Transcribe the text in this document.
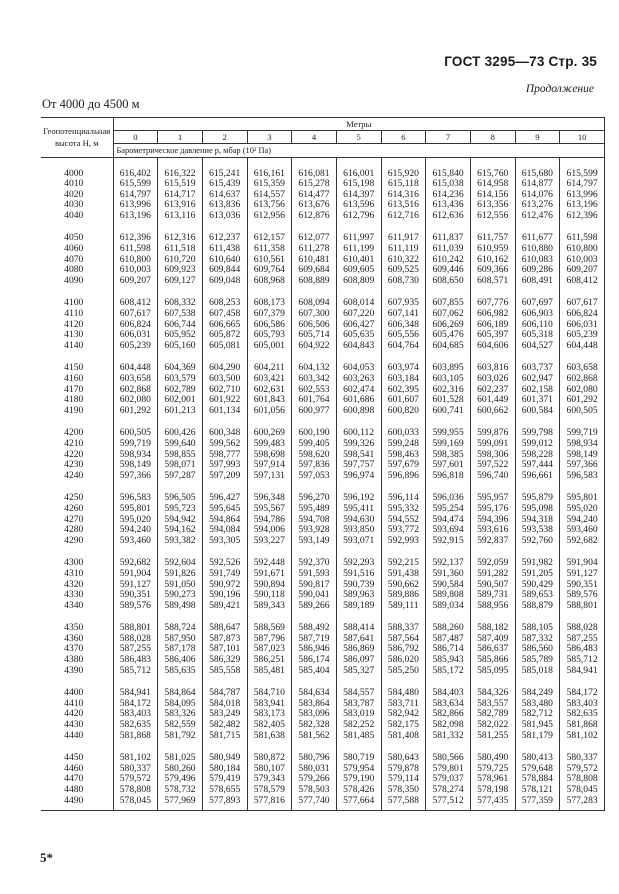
ГОСТ 3295—73 Стр. 35
Продолжение
От 4000 до 4500 м
Геопотенциальная высота H, м	Метры										
	0	1	2	3	4	5	6	7	8	9	10
	Барометрическое давление p, мбар (10² Па)										
4000	616,402	616,322	615,241	616,161	616,081	616,001	615,920	615,840	615,760	615,680	615,599
4010	615,599	615,519	615,439	615,359	615,278	615,198	615,118	615,038	614,958	614,877	614,797
4020	614,797	614,717	614,637	614,557	614,477	614,397	614,316	614,236	614,156	614,076	613,996
4030	613,996	613,916	613,836	613,756	613,676	613,596	613,516	613,436	613,356	613,276	613,196
4040	613,196	613,116	613,036	612,956	612,876	612,796	612,716	612,636	612,556	612,476	612,396

4050	612,396	612,316	612,237	612,157	612,077	611,997	611,917	611,837	611,757	611,677	611,598
4060	611,598	611,518	611,438	611,358	611,278	611,199	611,119	611,039	610,959	610,880	610,800
4070	610,800	610,720	610,640	610,561	610,481	610,401	610,322	610,242	610,162	610,083	610,003
4080	610,003	609,923	609,844	609,764	609,684	609,605	609,525	609,446	609,366	609,286	609,207
4090	609,207	609,127	609,048	608,968	608,889	608,809	608,730	608,650	608,571	608,491	608,412

4100	608,412	608,332	608,253	608,173	608,094	608,014	607,935	607,855	607,776	607,697	607,617
4110	607,617	607,538	607,458	607,379	607,300	607,220	607,141	607,062	606,982	606,903	606,824
4120	606,824	606,744	606,665	606,586	606,506	606,427	606,348	606,269	606,189	606,110	606,031
4130	606,031	605,952	605,872	605,793	605,714	605,635	605,556	605,476	605,397	605,318	605,239
4140	605,239	605,160	605,081	605,001	604,922	604,843	604,764	604,685	604,606	604,527	604,448

4150	604,448	604,369	604,290	604,211	604,132	604,053	603,974	603,895	603,816	603,737	603,658
4160	603,658	603,579	603,500	603,421	603,342	603,263	603,184	603,105	603,026	602,947	602,868
4170	602,868	602,789	602,710	602,631	602,553	602,474	602,395	602,316	602,237	602,158	602,080
4180	602,080	602,001	601,922	601,843	601,764	601,686	601,607	601,528	601,449	601,371	601,292
4190	601,292	601,213	601,134	601,056	600,977	600,898	600,820	600,741	600,662	600,584	600,505

4200	600,505	600,426	600,348	600,269	600,190	600,112	600,033	599,955	599,876	599,798	599,719
4210	599,719	599,640	599,562	599,483	599,405	599,326	599,248	599,169	599,091	599,012	598,934
4220	598,934	598,855	598,777	598,698	598,620	598,541	598,463	598,385	598,306	598,228	598,149
4230	598,149	598,071	597,993	597,914	597,836	597,757	597,679	597,601	597,522	597,444	597,366
4240	597,366	597,287	597,209	597,131	597,053	596,974	596,896	596,818	596,740	596,661	596,583

4250	596,583	596,505	596,427	596,348	596,270	596,192	596,114	596,036	595,957	595,879	595,801
4260	595,801	595,723	595,645	595,567	595,489	595,411	595,332	595,254	595,176	595,098	595,020
4270	595,020	594,942	594,864	594,786	594,708	594,630	594,552	594,474	594,396	594,318	594,240
4280	594,240	594,162	594,084	594,006	593,928	593,850	593,772	593,694	593,616	593,538	593,460
4290	593,460	593,382	593,305	593,227	593,149	593,071	592,993	592,915	592,837	592,760	592,682

4300	592,682	592,604	592,526	592,448	592,370	592,293	592,215	592,137	592,059	591,982	591,904
4310	591,904	591,826	591,749	591,671	591,593	591,516	591,438	591,360	591,282	591,205	591,127
4320	591,127	591,050	590,972	590,894	590,817	590,739	590,662	590,584	590,507	590,429	590,351
4330	590,351	590,273	590,196	590,118	590,041	589,963	589,886	589,808	589,731	589,653	589,576
4340	589,576	589,498	589,421	589,343	589,266	589,189	589,111	589,034	588,956	588,879	588,801

4350	588,801	588,724	588,647	588,569	588,492	588,414	588,337	588,260	588,182	588,105	588,028
4360	588,028	587,950	587,873	587,796	587,719	587,641	587,564	587,487	587,409	587,332	587,255
4370	587,255	587,178	587,101	587,023	586,946	586,869	586,792	586,714	586,637	586,560	586,483
4380	586,483	586,406	586,329	586,251	586,174	586,097	586,020	585,943	585,866	585,789	585,712
4390	585,712	585,635	585,558	585,481	585,404	585,327	585,250	585,172	585,095	585,018	584,941

4400	584,941	584,864	584,787	584,710	584,634	584,557	584,480	584,403	584,326	584,249	584,172
4410	584,172	584,095	584,018	583,941	583,864	583,787	583,711	583,634	583,557	583,480	583,403
4420	583,403	583,326	583,249	583,173	583,096	583,019	582,942	582,866	582,789	582,712	582,635
4430	582,635	582,559	582,482	582,405	582,328	582,252	582,175	582,098	582,022	581,945	581,868
4440	581,868	581,792	581,715	581,638	581,562	581,485	581,408	581,332	581,255	581,179	581,102

4450	581,102	581,025	580,949	580,872	580,796	580,719	580,643	580,566	580,490	580,413	580,337
4460	580,337	580,260	580,184	580,107	580,031	579,954	579,878	579,801	579,725	579,648	579,572
4470	579,572	579,496	579,419	579,343	579,266	579,190	579,114	579,037	578,961	578,884	578,808
4480	578,808	578,732	578,655	578,579	578,503	578,426	578,350	578,274	578,198	578,121	578,045
4490	578,045	577,969	577,893	577,816	577,740	577,664	577,588	577,512	577,435	577,359	577,283
5*
